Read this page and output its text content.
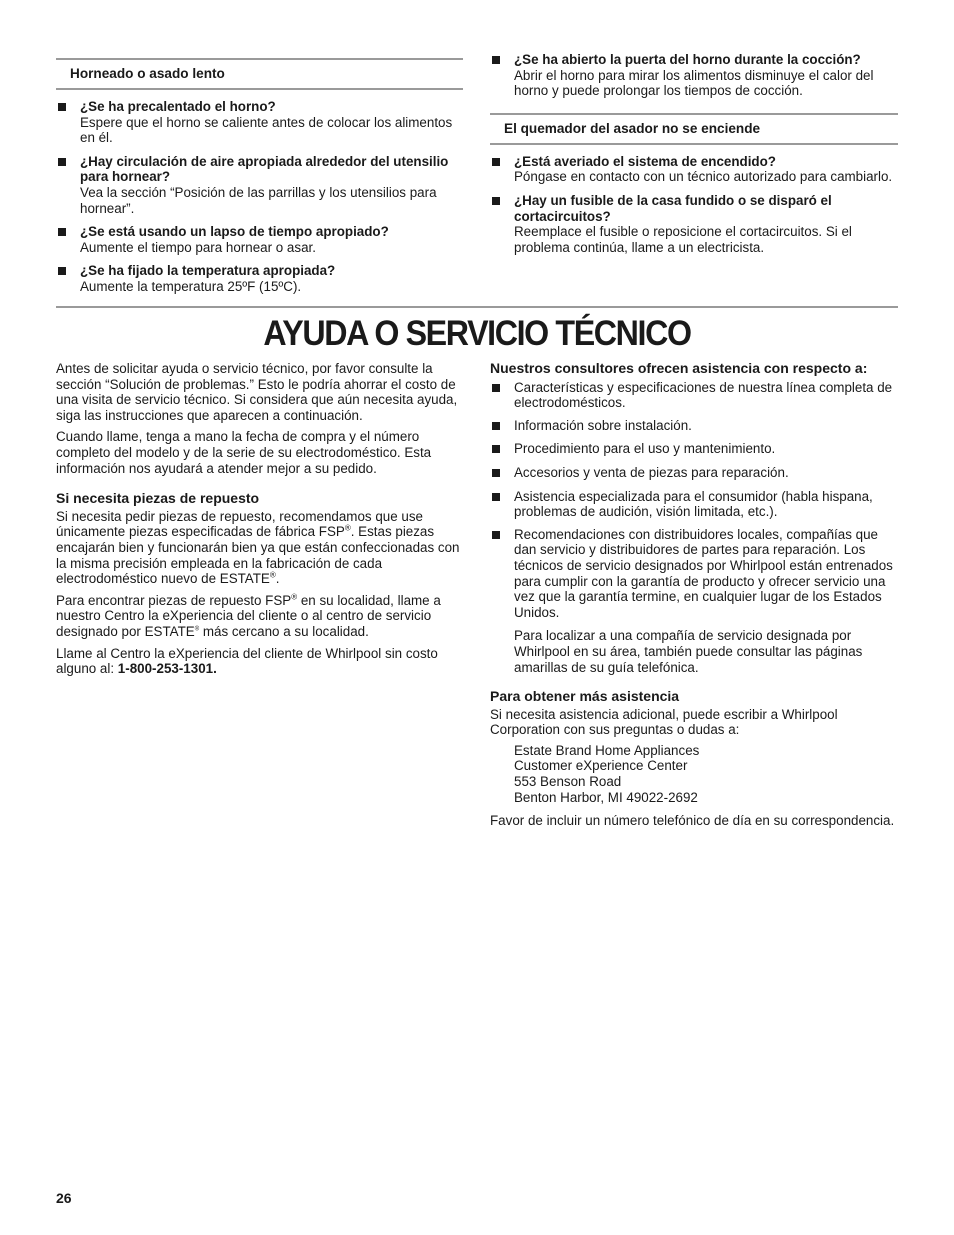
Horneado o asado lento
¿Se ha precalentado el horno?
Espere que el horno se caliente antes de colocar los alimentos en él.
¿Hay circulación de aire apropiada alrededor del utensilio para hornear?
Vea la sección “Posición de las parrillas y los utensilios para hornear”.
¿Se está usando un lapso de tiempo apropiado?
Aumente el tiempo para hornear o asar.
¿Se ha fijado la temperatura apropiada?
Aumente la temperatura 25ºF (15ºC).
¿Se ha abierto la puerta del horno durante la cocción?
Abrir el horno para mirar los alimentos disminuye el calor del horno y puede prolongar los tiempos de cocción.
El quemador del asador no se enciende
¿Está averiado el sistema de encendido?
Póngase en contacto con un técnico autorizado para cambiarlo.
¿Hay un fusible de la casa fundido o se disparó el cortacircuitos?
Reemplace el fusible o reposicione el cortacircuitos. Si el problema continúa, llame a un electricista.
AYUDA O SERVICIO TÉCNICO

Antes de solicitar ayuda o servicio técnico, por favor consulte la sección “Solución de problemas.” Esto le podría ahorrar el costo de una visita de servicio técnico. Si considera que aún necesita ayuda, siga las instrucciones que aparecen a continuación.

Cuando llame, tenga a mano la fecha de compra y el número completo del modelo y de la serie de su electrodoméstico. Esta información nos ayudará a atender mejor a su pedido.

Si necesita piezas de repuesto

Si necesita pedir piezas de repuesto, recomendamos que use únicamente piezas especificadas de fábrica FSP®. Estas piezas encajarán bien y funcionarán bien ya que están confeccionadas con la misma precisión empleada en la fabricación de cada electrodoméstico nuevo de ESTATE®.

Para encontrar piezas de repuesto FSP® en su localidad, llame a nuestro Centro la eXperiencia del cliente o al centro de servicio designado por ESTATE® más cercano a su localidad.

Llame al Centro la eXperiencia del cliente de Whirlpool sin costo alguno al: 1-800-253-1301.

Nuestros consultores ofrecen asistencia con respecto a:

Características y especificaciones de nuestra línea completa de electrodomésticos.
Información sobre instalación.
Procedimiento para el uso y mantenimiento.
Accesorios y venta de piezas para reparación.
Asistencia especializada para el consumidor (habla hispana, problemas de audición, visión limitada, etc.).
Recomendaciones con distribuidores locales, compañías que dan servicio y distribuidores de partes para reparación. Los técnicos de servicio designados por Whirlpool están entrenados para cumplir con la garantía de producto y ofrecer servicio una vez que la garantía termine, en cualquier lugar de los Estados Unidos.

Para localizar a una compañía de servicio designada por Whirlpool en su área, también puede consultar las páginas amarillas de su guía telefónica.

Para obtener más asistencia

Si necesita asistencia adicional, puede escribir a Whirlpool Corporation con sus preguntas o dudas a:

Estate Brand Home Appliances
Customer eXperience Center
553 Benson Road
Benton Harbor, MI 49022-2692

Favor de incluir un número telefónico de día en su correspondencia.

26
